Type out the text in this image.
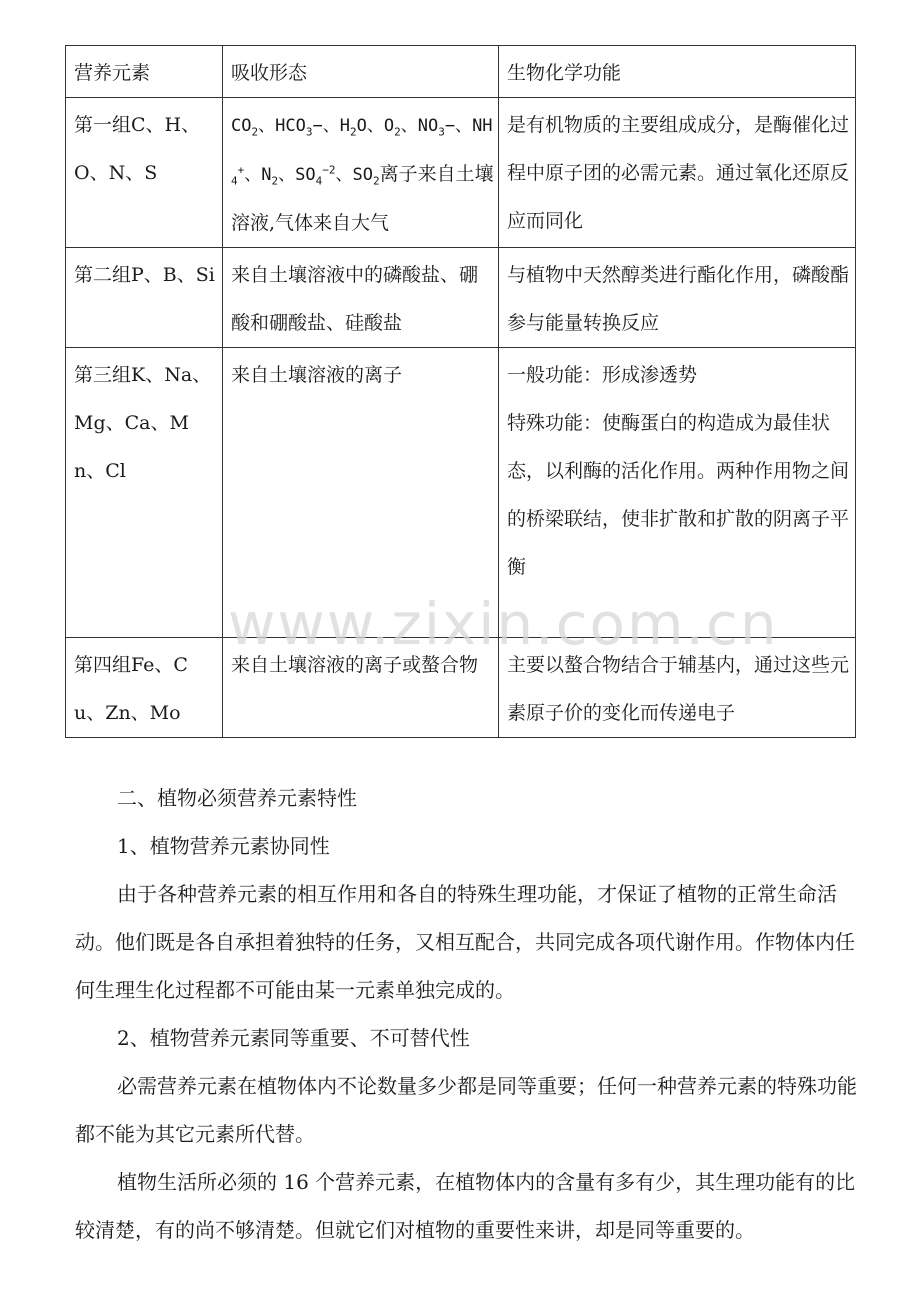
营养元素	吸收形态	生物化学功能
第一组C、H、O、N、S	$CO_2$、$HCO_3-$、$H_2O$、$O_2$、$NO_3-$、$NH_4^+$、$N_2$、$SO_4^{-2}$、$SO_2$离子来自土壤溶液,气体来自大气	是有机物质的主要组成成分，是酶催化过程中原子团的必需元素。通过氧化还原反应而同化
第二组P、B、Si	来自土壤溶液中的磷酸盐、硼酸和硼酸盐、硅酸盐	与植物中天然醇类进行酯化作用，磷酸酯参与能量转换反应
第三组K、Na、Mg、Ca、Mn、Cl	来自土壤溶液的离子	一般功能：形成渗透势
特殊功能：使酶蛋白的构造成为最佳状态，以利酶的活化作用。两种作用物之间的桥梁联结，使非扩散和扩散的阴离子平衡

第四组Fe、Cu、Zn、Mo	来自土壤溶液的离子或螯合物	主要以螯合物结合于辅基内，通过这些元素原子价的变化而传递电子
www.zixin.com.cn

二、植物必须营养元素特性

1、植物营养元素协同性

由于各种营养元素的相互作用和各自的特殊生理功能，才保证了植物的正常生命活动。他们既是各自承担着独特的任务，又相互配合，共同完成各项代谢作用。作物体内任何生理生化过程都不可能由某一元素单独完成的。

2、植物营养元素同等重要、不可替代性

必需营养元素在植物体内不论数量多少都是同等重要；任何一种营养元素的特殊功能都不能为其它元素所代替。

植物生活所必须的 16 个营养元素，在植物体内的含量有多有少，其生理功能有的比较清楚，有的尚不够清楚。但就它们对植物的重要性来讲，却是同等重要的。
